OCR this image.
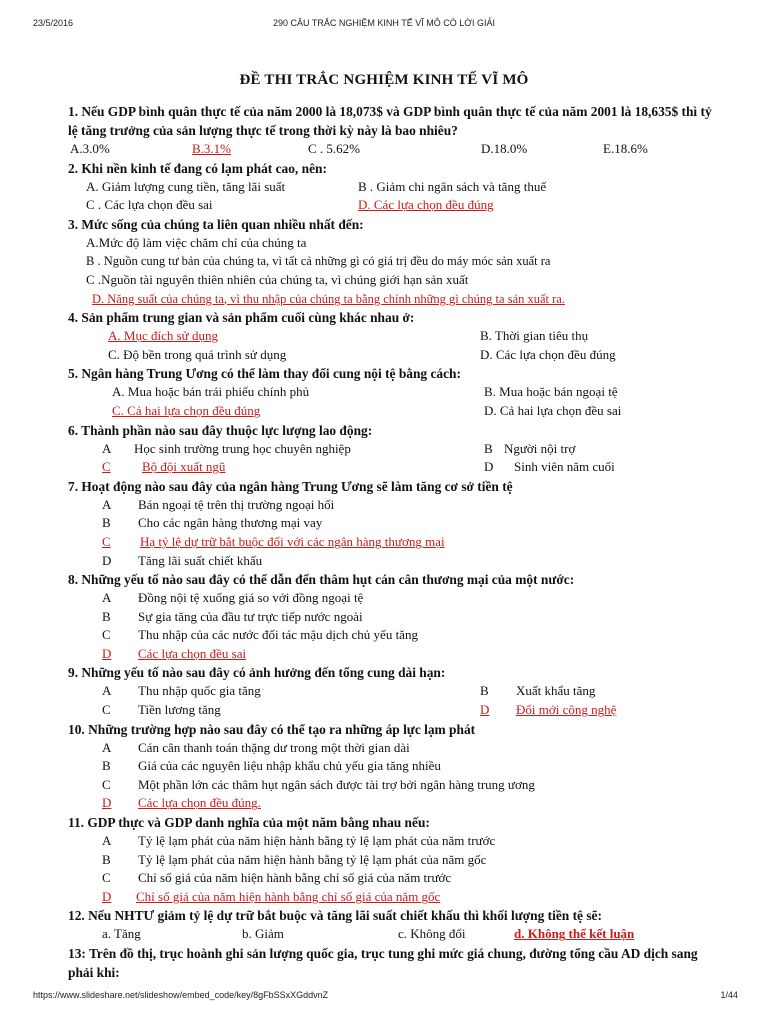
23/5/2016	290 CÂU TRẮC NGHIỆM KINH TẾ VĨ MÔ CÓ LỜI GIẢI
ĐỀ THI TRẮC NGHIỆM KINH TẾ VĨ MÔ
1. Nếu GDP bình quân thực tế của năm 2000 là 18,073$ và GDP bình quân thực tế của năm 2001 là 18,635$ thì tỷ lệ tăng trưởng của sản lượng thực tế trong thời kỳ này là bao nhiêu?
A.3.0%	B.3.1%	C . 5.62%	D.18.0%	E.18.6%
2. Khi nền kinh tế đang có lạm phát cao, nên:
A. Giảm lượng cung tiền, tăng lãi suất	B . Giảm chi ngân sách và tăng thuế
C . Các lựa chọn đều sai	D. Các lựa chọn đều đúng
3. Mức sống của chúng ta liên quan nhiều nhất đến:
A.Mức độ làm việc chăm chỉ của chúng ta
B . Nguồn cung tư bản của chúng ta, vì tất cả những gì có giá trị đều do máy móc sản xuất ra
C .Nguồn tài nguyên thiên nhiên của chúng ta, vì chúng giới hạn sản xuất
D. Năng suất của chúng ta, vì thu nhập của chúng ta bằng chính những gì chúng ta sản xuất ra.
4. Sản phẩm trung gian và sản phẩm cuối cùng khác nhau ở:
A. Mục đích sử dụng	B. Thời gian tiêu thụ
C. Độ bền trong quá trình sử dụng	D. Các lựa chọn đều đúng
5. Ngân hàng Trung Ương có thể làm thay đổi cung nội tệ bằng cách:
A. Mua hoặc bán trái phiếu chính phủ	B. Mua hoặc bán ngoại tệ
C. Cả hai lựa chọn đều đúng	D. Cả hai lựa chọn đều sai
6. Thành phần nào sau đây thuộc lực lượng lao động:
A Học sinh trường trung học chuyên nghiệp	B Người nội trợ
C Bộ đội xuất ngũ	D Sinh viên năm cuối
7. Hoạt động nào sau đây của ngân hàng Trung Ương sẽ làm tăng cơ sở tiền tệ
A Bán ngoại tệ trên thị trường ngoại hối
B Cho các ngân hàng thương mại vay
C Hạ tỷ lệ dự trữ bắt buộc đối với các ngân hàng thương mại
D Tăng lãi suất chiết khấu
8. Những yếu tố nào sau đây có thể dẫn đến thâm hụt cán cân thương mại của một nước:
A Đồng nội tệ xuống giá so với đồng ngoại tệ
B Sự gia tăng của đầu tư trực tiếp nước ngoài
C Thu nhập của các nước đối tác mậu dịch chủ yếu tăng
D Các lựa chọn đều sai
9. Những yếu tố nào sau đây có ảnh hưởng đến tổng cung dài hạn:
A Thu nhập quốc gia tăng	B Xuất khẩu tăng
C Tiền lương tăng	D Đổi mới công nghệ
10. Những trường hợp nào sau đây có thể tạo ra những áp lực lạm phát
A Cán cân thanh toán thặng dư trong một thời gian dài
B Giá của các nguyên liệu nhập khẩu chủ yếu gia tăng nhiều
C Một phần lớn các thâm hụt ngân sách được tài trợ bởi ngân hàng trung ương
D Các lựa chọn đều đúng.
11. GDP thực và GDP danh nghĩa của một năm bằng nhau nếu:
A Tỷ lệ lạm phát của năm hiện hành bằng tỷ lệ lạm phát của năm trước
B Tỷ lệ lạm phát của năm hiện hành bằng tỷ lệ lạm phát của năm gốc
C Chỉ số giá của năm hiện hành bằng chỉ số giá của năm trước
D Chỉ số giá của năm hiện hành bằng chỉ số giá của năm gốc
12. Nếu NHTƯ giảm tỷ lệ dự trữ bắt buộc và tăng lãi suất chiết khấu thì khối lượng tiền tệ sẽ:
a. Tăng	b. Giảm	c. Không đổi	d. Không thể kết luận
13: Trên đồ thị, trục hoành ghi sản lượng quốc gia, trục tung ghi mức giá chung, đường tổng cầu AD dịch sang phải khi:
https://www.slideshare.net/slideshow/embed_code/key/8gFbSSxXGddvnZ	1/44
